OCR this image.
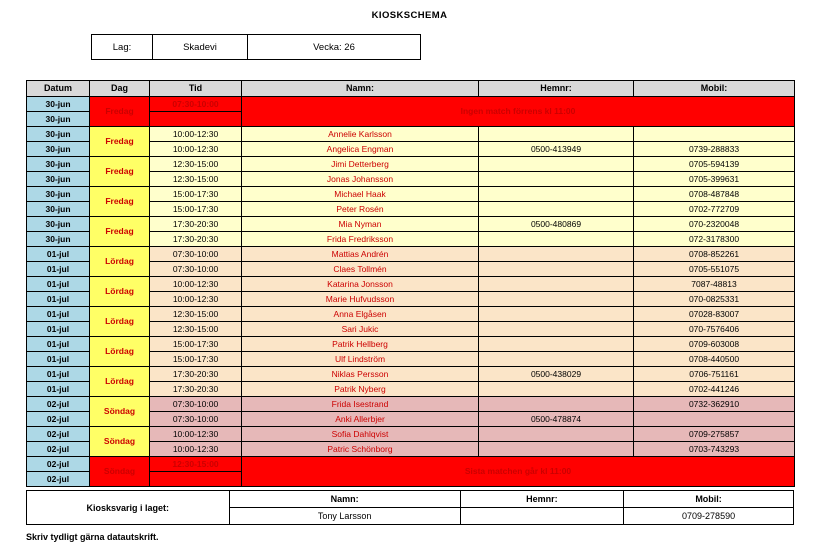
KIOSKSCHEMA
Lag:	Skadevi	Vecka: 26
Datum	Dag	Tid	Namn:	Hemnr:	Mobil:
30-jun	Fredag	07:30-10:00	Ingen match förrens kl 11:00		
30-jun					
30-jun	Fredag	10:00-12:30	Annelie Karlsson		
30-jun		10:00-12:30	Angelica Engman	0500-413949	0739-288833
30-jun	Fredag	12:30-15:00	Jimi Detterberg		0705-594139
30-jun		12:30-15:00	Jonas Johansson		0705-399631
30-jun	Fredag	15:00-17:30	Michael Haak		0708-487848
30-jun		15:00-17:30	Peter Rosén		0702-772709
30-jun	Fredag	17:30-20:30	Mia Nyman	0500-480869	070-2320048
30-jun		17:30-20:30	Frida Fredriksson		072-3178300
01-jul	Lördag	07:30-10:00	Mattias Andrén		0708-852261
01-jul		07:30-10:00	Claes Tollmén		0705-551075
01-jul	Lördag	10:00-12:30	Katarina Jonsson		7087-48813
01-jul		10:00-12:30	Marie Hufvudsson		070-0825331
01-jul	Lördag	12:30-15:00	Anna Elgåsen		07028-83007
01-jul		12:30-15:00	Sari Jukic		070-7576406
01-jul	Lördag	15:00-17:30	Patrik Hellberg		0709-603008
01-jul		15:00-17:30	Ulf Lindström		0708-440500
01-jul	Lördag	17:30-20:30	Niklas Persson	0500-438029	0706-751161
01-jul		17:30-20:30	Patrik Nyberg		0702-441246
02-jul	Söndag	07:30-10:00	Frida Isestrand		0732-362910
02-jul		07:30-10:00	Anki Allerbjer	0500-478874	
02-jul	Söndag	10:00-12:30	Sofia Dahlqvist		0709-275857
02-jul		10:00-12:30	Patric Schönborg		0703-743293
02-jul	Söndag	12:30-15:00	Sista matchen går kl 11:00		
02-jul					
Kiosksvarig i laget:	Namn:	Hemnr:	Mobil:
	Tony Larsson		0709-278590
Skriv tydligt gärna datautskrift.
